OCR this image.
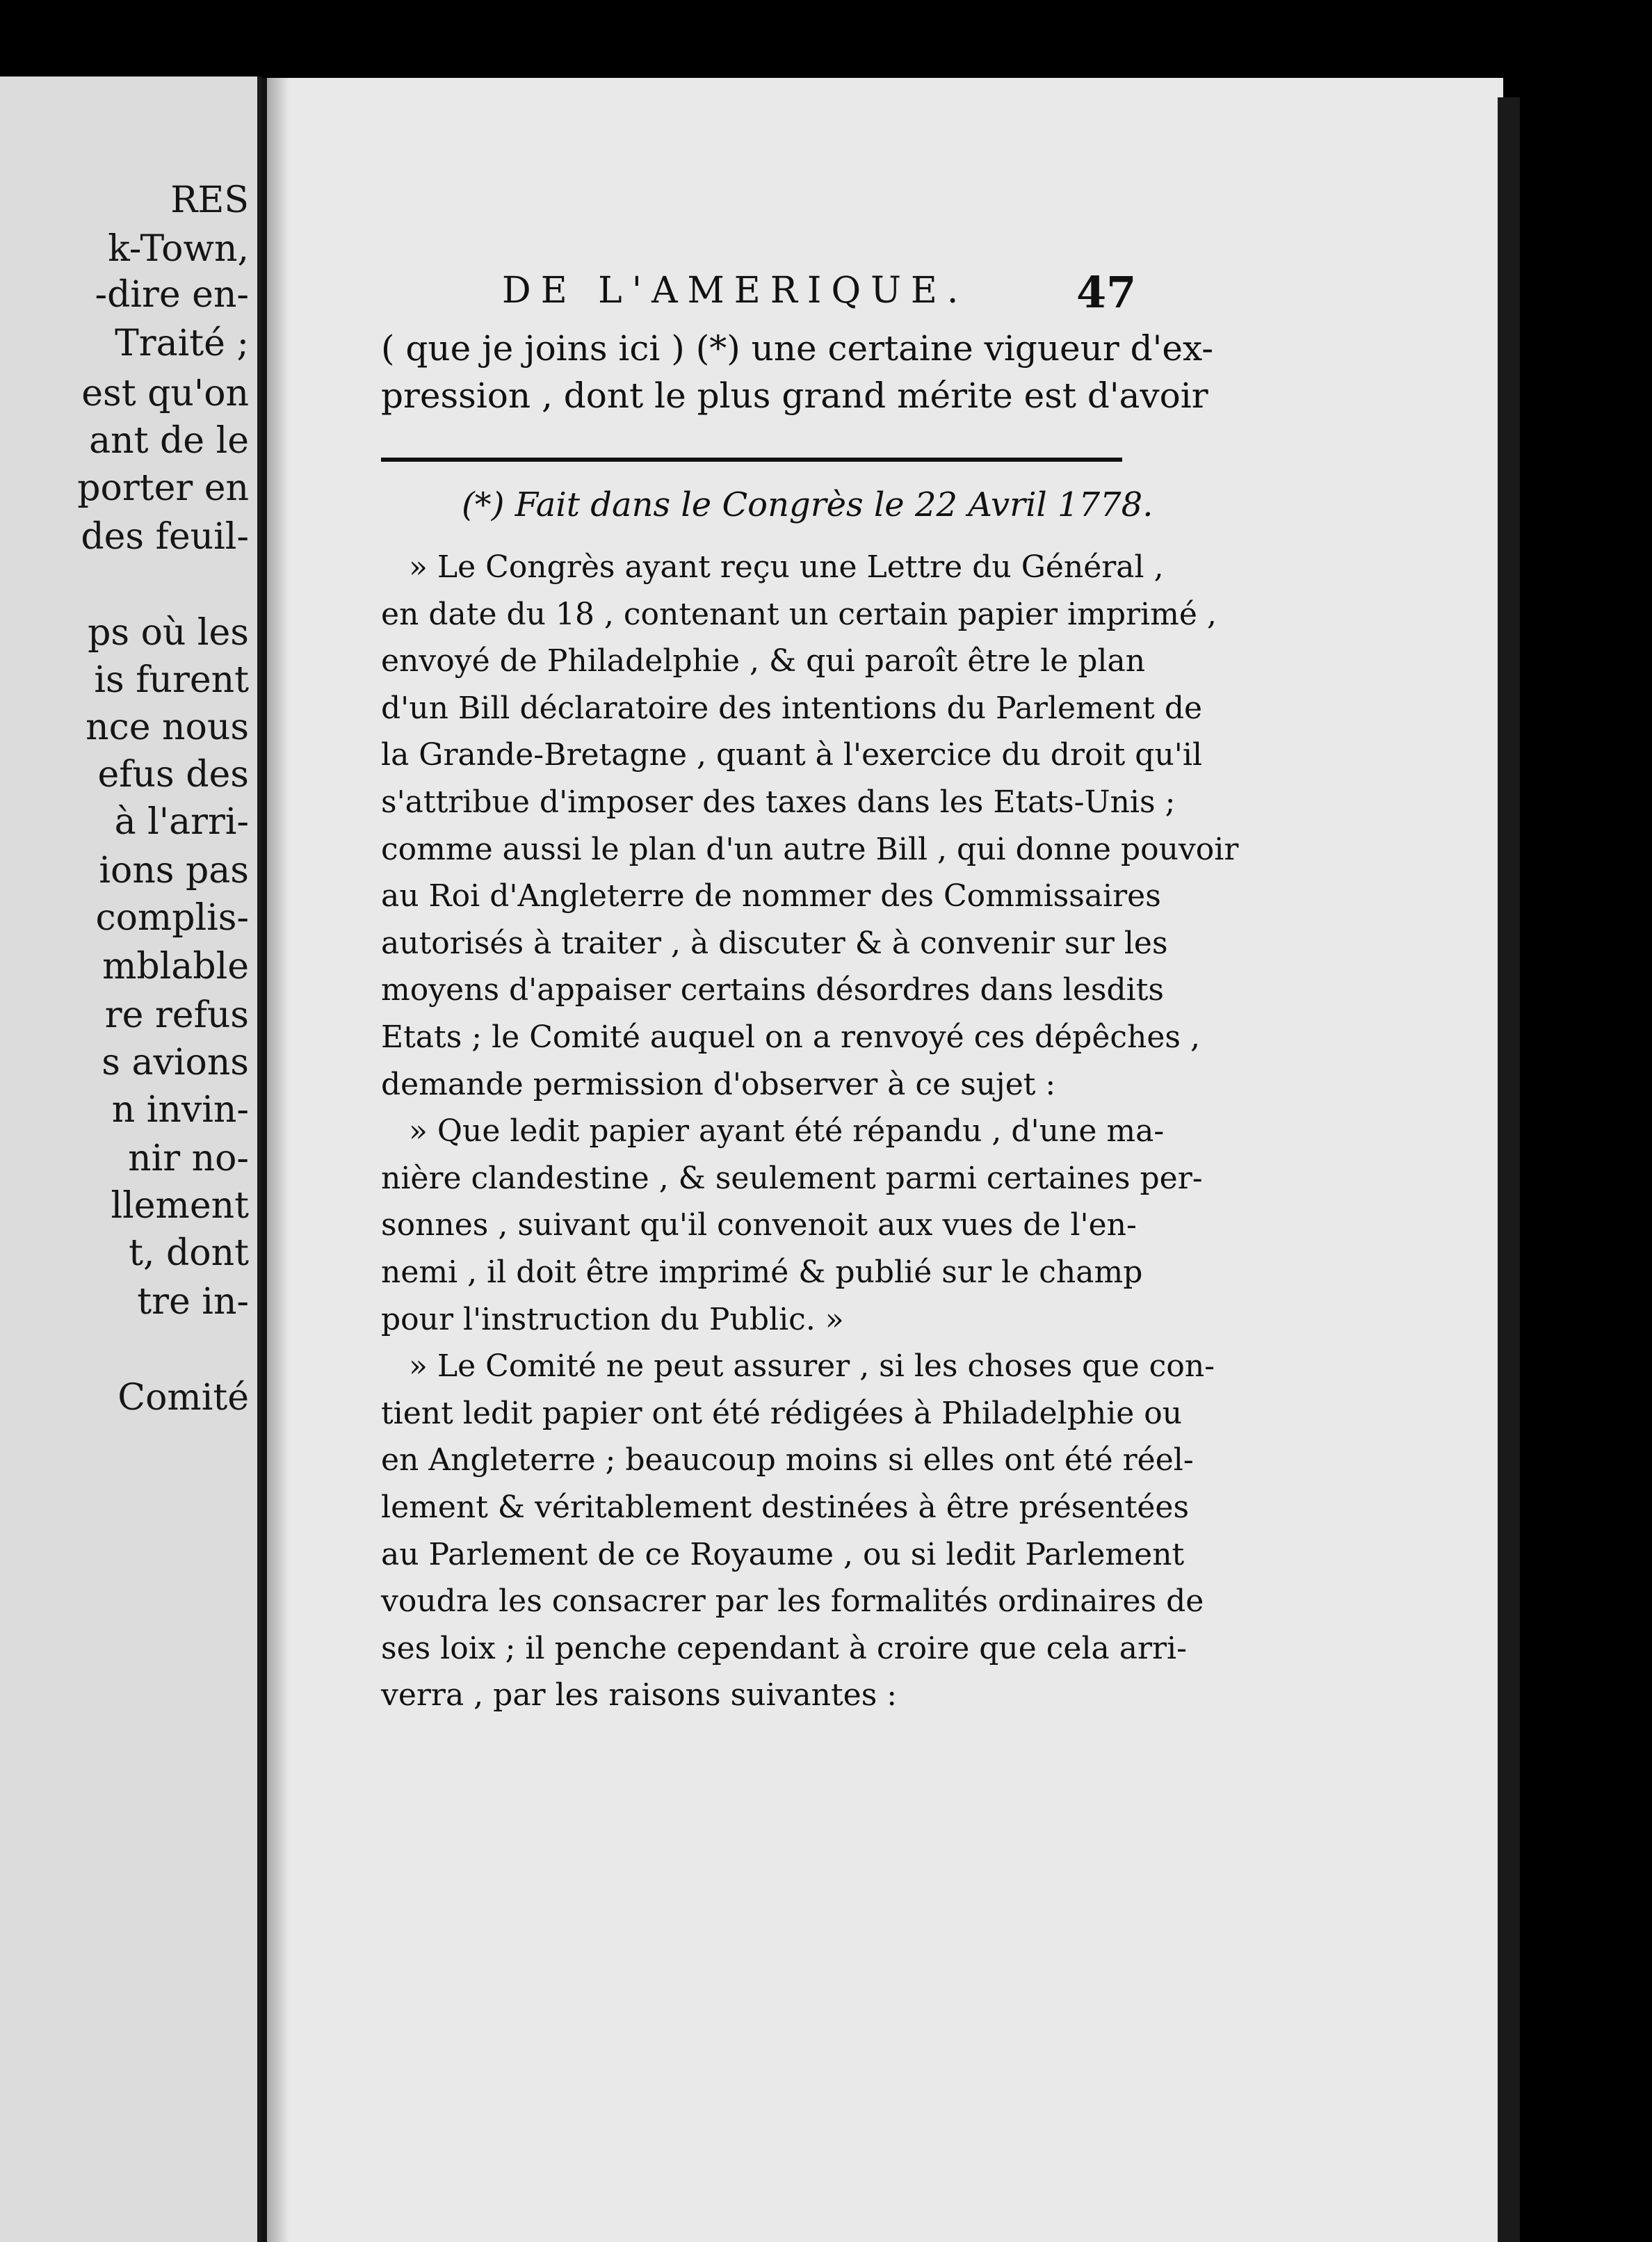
RES
k-Town,
-dire en-
Traité ;
est qu'on
ant de le
porter en
des feuil-
ps où les
is furent
nce nous
efus des
à l'arri-
ions pas
complis-
mblable
re refus
s avions
n invin-
nir no-
llement
t, dont
tre in-
Comité
DE L'AMERIQUE.	47
( que je joins ici ) (*) une certaine vigueur d'ex-
pression , dont le plus grand mérite est d'avoir
(*) Fait dans le Congrès le 22 Avril 1778.
» Le Congrès ayant reçu une Lettre du Général ,
en date du 18 , contenant un certain papier imprimé ,
envoyé de Philadelphie , & qui paroît être le plan
d'un Bill déclaratoire des intentions du Parlement de
la Grande-Bretagne , quant à l'exercice du droit qu'il
s'attribue d'imposer des taxes dans les Etats-Unis ;
comme aussi le plan d'un autre Bill , qui donne pouvoir
au Roi d'Angleterre de nommer des Commissaires
autorisés à traiter , à discuter & à convenir sur les
moyens d'appaiser certains désordres dans lesdits
Etats ; le Comité auquel on a renvoyé ces dépêches ,
demande permission d'observer à ce sujet :
» Que ledit papier ayant été répandu , d'une ma-
nière clandestine , & seulement parmi certaines per-
sonnes , suivant qu'il convenoit aux vues de l'en-
nemi , il doit être imprimé & publié sur le champ
pour l'instruction du Public. »
» Le Comité ne peut assurer , si les choses que con-
tient ledit papier ont été rédigées à Philadelphie ou
en Angleterre ; beaucoup moins si elles ont été réel-
lement & véritablement destinées à être présentées
au Parlement de ce Royaume , ou si ledit Parlement
voudra les consacrer par les formalités ordinaires de
ses loix ; il penche cependant à croire que cela arri-
verra , par les raisons suivantes :
